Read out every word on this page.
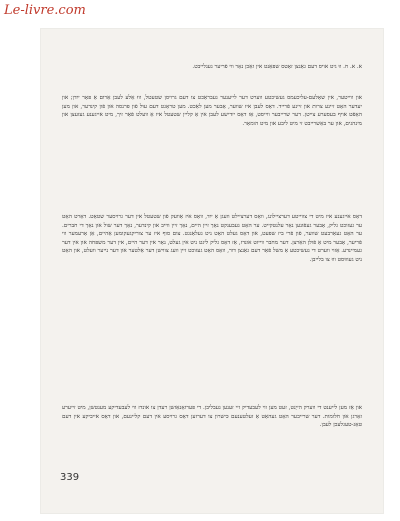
Le-livre.com

א. א. ח. ווּ גיט אויס דעם גאַנצן זאָטס שפּאַנט אין זאַכן נאָר ווי פֿריער געגלייבט.

און ווייטער, אין שאָלעם-עליכעמס געשיכטע ווערט דער לייענער געבראַכט צו דעם גרויסן שטעטל, וווּ אַלע לעבן אַרום אַ פּאָר ייִדן; און יעדער האָט זיינע צרות און זיינע פֿרייד. דאָס לעבן איז שווער, אָבער מען לאַכט. מען טראָגט דעם עול פֿון פּרנסה און פֿון קינדער, און מען האָפֿט אויף בעסערע צייטן. דער שרייבער ווייסט, אַז דאָס ייִדישע לעבן אין אַ קליין שטעטל איז אַ וועלט פֿאַר זיך, מיט אייגענע געזעצן און מינהגים, און ער באַשרייבט זי מיט ליבע און מיט הומאָר.

דאָס אייגענע איז מיט די צווייטע דערציילונג, וואָס דערציילט וועגן אַ ייִד, וואָס איז אַוועק פֿון שטעטל אין דער גרויסער שטאָט. דאָרט האָט ער געזוכט גליק, אָבער געפֿונען נאָר עלנטקייט. ער האָט געבענקט נאָך זיין היים, נאָך זיין ווייב און קינדער, נאָך דער שול און נאָך די חברים. ער האָט געאַרבעט שווער, פֿון פֿרי ביז שפּעט, און דאָס געלט האָט ניט געלאַנגט. צום סוף איז ער צוריקגעקומען אַהיים, אַן אָרעמער ווי פֿריער, אָבער מיט אַ פֿולן האַרצן. דער מחבר ווייזט אונדז, אַז דאָס גליק ליגט ניט אין געלט, נאָר אין דער היים, אין דער משפּחה און אין דער געמיינדע. אַזוי ווערט די געשיכטע אַ משל פֿאַר דעם גאַנצן דור, וואָס האָט געזוכט זיין וועג צווישן דער אַלטער און דער נייער וועלט, און האָט ניט געוווּסט וווּ צו בלייבן.

און אַז מען לייענט די ווערק הייַנט, זעט מען ווי לעבעדיק זיי זענען געבליבן. די פּערזאָנאַזשן רעדן צו אונדז ווי לעבעדיקע מענטשן, מיט זייערע זאָרגן און חלומות. דער שרייבער האָט געהאַט אַ זעלטענעם כּישרון צו דערזען דאָס גרויסע אין דעם קליינעם, און דאָס אייביקע אין דעם טאָג-טעגלעכן לעבן.

339
